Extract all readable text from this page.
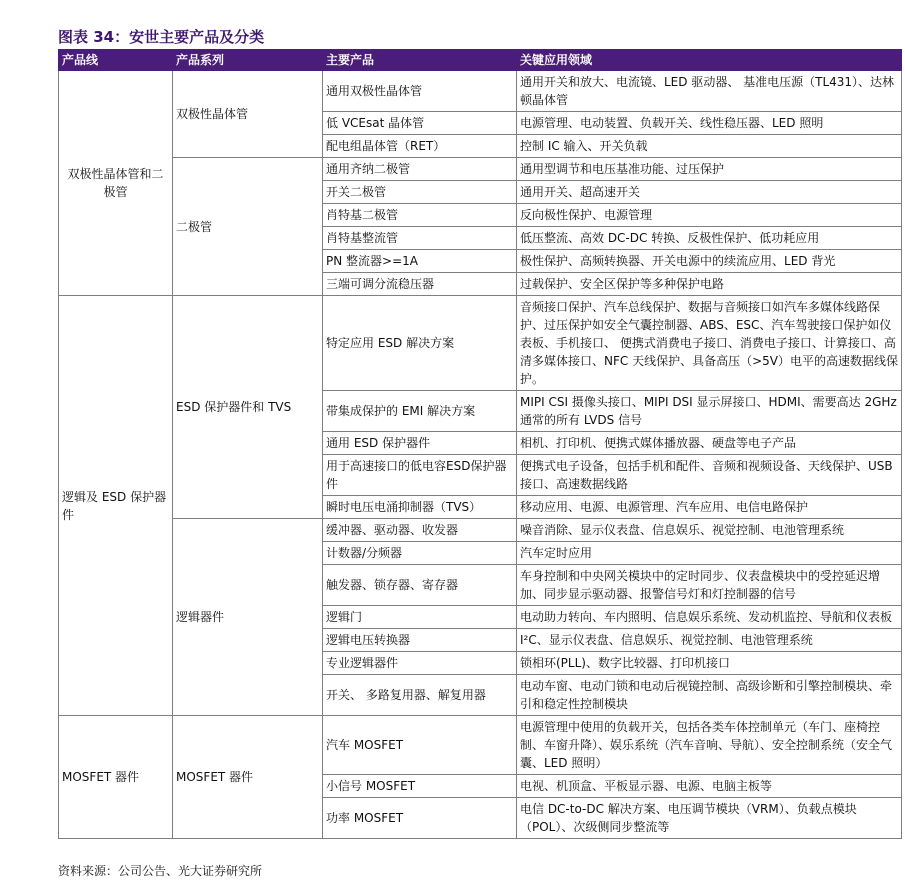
图表 34：安世主要产品及分类
产品线	产品系列	主要产品	关键应用领域
双极性晶体管和二极管	双极性晶体管	通用双极性晶体管	通用开关和放大、电流镜、LED 驱动器、 基准电压源（TL431）、达林顿晶体管
		低 VCEsat 晶体管	电源管理、电动装置、负载开关、线性稳压器、LED 照明
		配电组晶体管（RET）	控制 IC 输入、开关负载
	二极管	通用齐纳二极管	通用型调节和电压基准功能、过压保护
		开关二极管	通用开关、超高速开关
		肖特基二极管	反向极性保护、电源管理
		肖特基整流管	低压整流、高效 DC-DC 转换、反极性保护、低功耗应用
		PN 整流器>=1A	极性保护、高频转换器、开关电源中的续流应用、LED 背光
		三端可调分流稳压器	过载保护、安全区保护等多种保护电路
逻辑及 ESD 保护器件	ESD 保护器件和 TVS	特定应用 ESD 解决方案	音频接口保护、汽车总线保护、数据与音频接口如汽车多媒体线路保护、过压保护如安全气囊控制器、ABS、ESC、汽车驾驶接口保护如仪表板、手机接口、 便携式消费电子接口、消费电子接口、计算接口、高清多媒体接口、NFC 天线保护、具备高压（>5V）电平的高速数据线保护。
		带集成保护的 EMI 解决方案	MIPI CSI 摄像头接口、MIPI DSI 显示屏接口、HDMI、需要高达 2GHz 通常的所有 LVDS 信号
		通用 ESD 保护器件	相机、打印机、便携式媒体播放器、硬盘等电子产品
		用于高速接口的低电容ESD保护器件	便携式电子设备，包括手机和配件、音频和视频设备、天线保护、USB 接口、高速数据线路
		瞬时电压电涌抑制器（TVS）	移动应用、电源、电源管理、汽车应用、电信电路保护
	逻辑器件	缓冲器、驱动器、收发器	噪音消除、显示仪表盘、信息娱乐、视觉控制、电池管理系统
		计数器/分频器	汽车定时应用
		触发器、锁存器、寄存器	车身控制和中央网关模块中的定时同步、仪表盘模块中的受控延迟增加、同步显示驱动器、报警信号灯和灯控制器的信号
		逻辑门	电动助力转向、车内照明、信息娱乐系统、发动机监控、导航和仪表板
		逻辑电压转换器	I²C、显示仪表盘、信息娱乐、视觉控制、电池管理系统
		专业逻辑器件	锁相环(PLL)、数字比较器、打印机接口
		开关、 多路复用器、解复用器	电动车窗、电动门锁和电动后视镜控制、高级诊断和引擎控制模块、牵引和稳定性控制模块
MOSFET 器件	MOSFET 器件	汽车 MOSFET	电源管理中使用的负载开关，包括各类车体控制单元（车门、座椅控制、车窗升降）、娱乐系统（汽车音响、导航）、安全控制系统（安全气囊、LED 照明）
		小信号 MOSFET	电视、机顶盒、平板显示器、电源、电脑主板等
		功率 MOSFET	电信 DC-to-DC 解决方案、电压调节模块（VRM）、负载点模块（POL）、次级侧同步整流等
资料来源：公司公告、光大证券研究所
